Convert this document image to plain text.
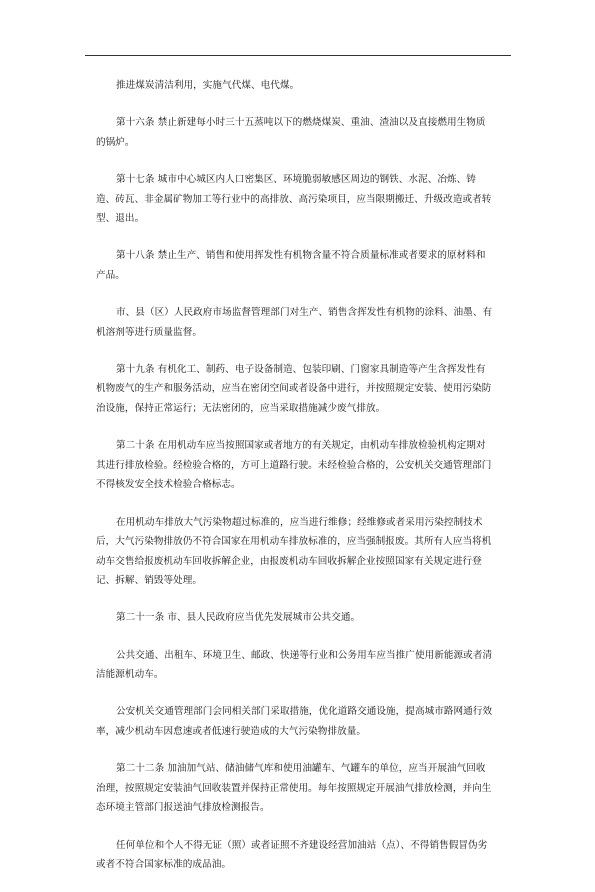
推进煤炭清洁利用，实施气代煤、电代煤。

第十六条 禁止新建每小时三十五蒸吨以下的燃烧煤炭、重油、渣油以及直接燃用生物质的锅炉。

第十七条 城市中心城区内人口密集区、环境脆弱敏感区周边的钢铁、水泥、冶炼、铸造、砖瓦、非金属矿物加工等行业中的高排放、高污染项目，应当限期搬迁、升级改造或者转型、退出。

第十八条 禁止生产、销售和使用挥发性有机物含量不符合质量标准或者要求的原材料和产品。

市、县（区）人民政府市场监督管理部门对生产、销售含挥发性有机物的涂料、油墨、有机溶剂等进行质量监督。

第十九条 有机化工、制药、电子设备制造、包装印刷、门窗家具制造等产生含挥发性有机物废气的生产和服务活动，应当在密闭空间或者设备中进行，并按照规定安装、使用污染防治设施，保持正常运行；无法密闭的，应当采取措施减少废气排放。

第二十条 在用机动车应当按照国家或者地方的有关规定，由机动车排放检验机构定期对其进行排放检验。经检验合格的，方可上道路行驶。未经检验合格的，公安机关交通管理部门不得核发安全技术检验合格标志。

在用机动车排放大气污染物超过标准的，应当进行维修；经维修或者采用污染控制技术后，大气污染物排放仍不符合国家在用机动车排放标准的，应当强制报废。其所有人应当将机动车交售给报废机动车回收拆解企业，由报废机动车回收拆解企业按照国家有关规定进行登记、拆解、销毁等处理。

第二十一条 市、县人民政府应当优先发展城市公共交通。

公共交通、出租车、环境卫生、邮政、快递等行业和公务用车应当推广使用新能源或者清洁能源机动车。

公安机关交通管理部门会同相关部门采取措施，优化道路交通设施，提高城市路网通行效率，减少机动车因怠速或者低速行驶造成的大气污染物排放量。

第二十二条 加油加气站、储油储气库和使用油罐车、气罐车的单位，应当开展油气回收治理，按照规定安装油气回收装置并保持正常使用。每年按照规定开展油气排放检测，并向生态环境主管部门报送油气排放检测报告。

任何单位和个人不得无证（照）或者证照不齐建设经营加油站（点）、不得销售假冒伪劣或者不符合国家标准的成品油。
